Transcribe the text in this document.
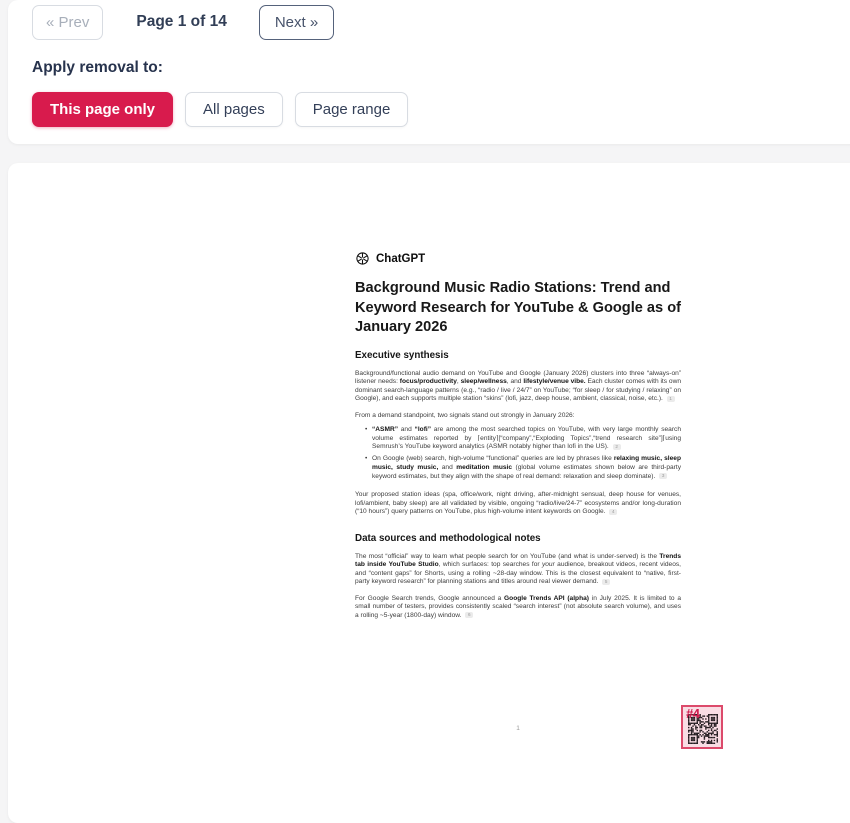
« Prev	Page 1 of 14	Next »
Apply removal to:
This page only	All pages	Page range
ChatGPT
Background Music Radio Stations: Trend and
Keyword Research for YouTube & Google as of
January 2026
Executive synthesis

Background/functional audio demand on YouTube and Google (January 2026) clusters into three “always-on” listener needs: focus/productivity, sleep/wellness, and lifestyle/venue vibe. Each cluster comes with its own dominant search-language patterns (e.g., “radio / live / 24/7” on YouTube; “for sleep / for studying / relaxing” on Google), and each supports multiple station “skins” (lofi, jazz, deep house, ambient, classical, noise, etc.). 1

From a demand standpoint, two signals stand out strongly in January 2026:

• “ASMR” and “lofi” are among the most searched topics on YouTube, with very large monthly search volume estimates reported by ⌈entity⌉[“company”,“Exploding Topics”,“trend research site”]⌈using Semrush’s YouTube keyword analytics (ASMR notably higher than lofi in the US). 2
• On Google (web) search, high-volume “functional” queries are led by phrases like relaxing music, sleep music, study music, and meditation music (global volume estimates shown below are third-party keyword estimates, but they align with the shape of real demand: relaxation and sleep dominate). 3

Your proposed station ideas (spa, office/work, night driving, after-midnight sensual, deep house for venues, lofi/ambient, baby sleep) are all validated by visible, ongoing “radio/live/24-7” ecosystems and/or long-duration (“10 hours”) query patterns on YouTube, plus high-volume intent keywords on Google. 4

Data sources and methodological notes

The most “official” way to learn what people search for on YouTube (and what is under-served) is the Trends tab inside YouTube Studio, which surfaces: top searches for your audience, breakout videos, recent videos, and “content gaps” for Shorts, using a rolling ~28-day window. This is the closest equivalent to “native, first-party keyword research” for planning stations and titles around real viewer demand. 5

For Google Search trends, Google announced a Google Trends API (alpha) in July 2025. It is limited to a small number of testers, provides consistently scaled “search interest” (not absolute search volume), and uses a rolling ~5-year (1800-day) window. 6

1
#4
